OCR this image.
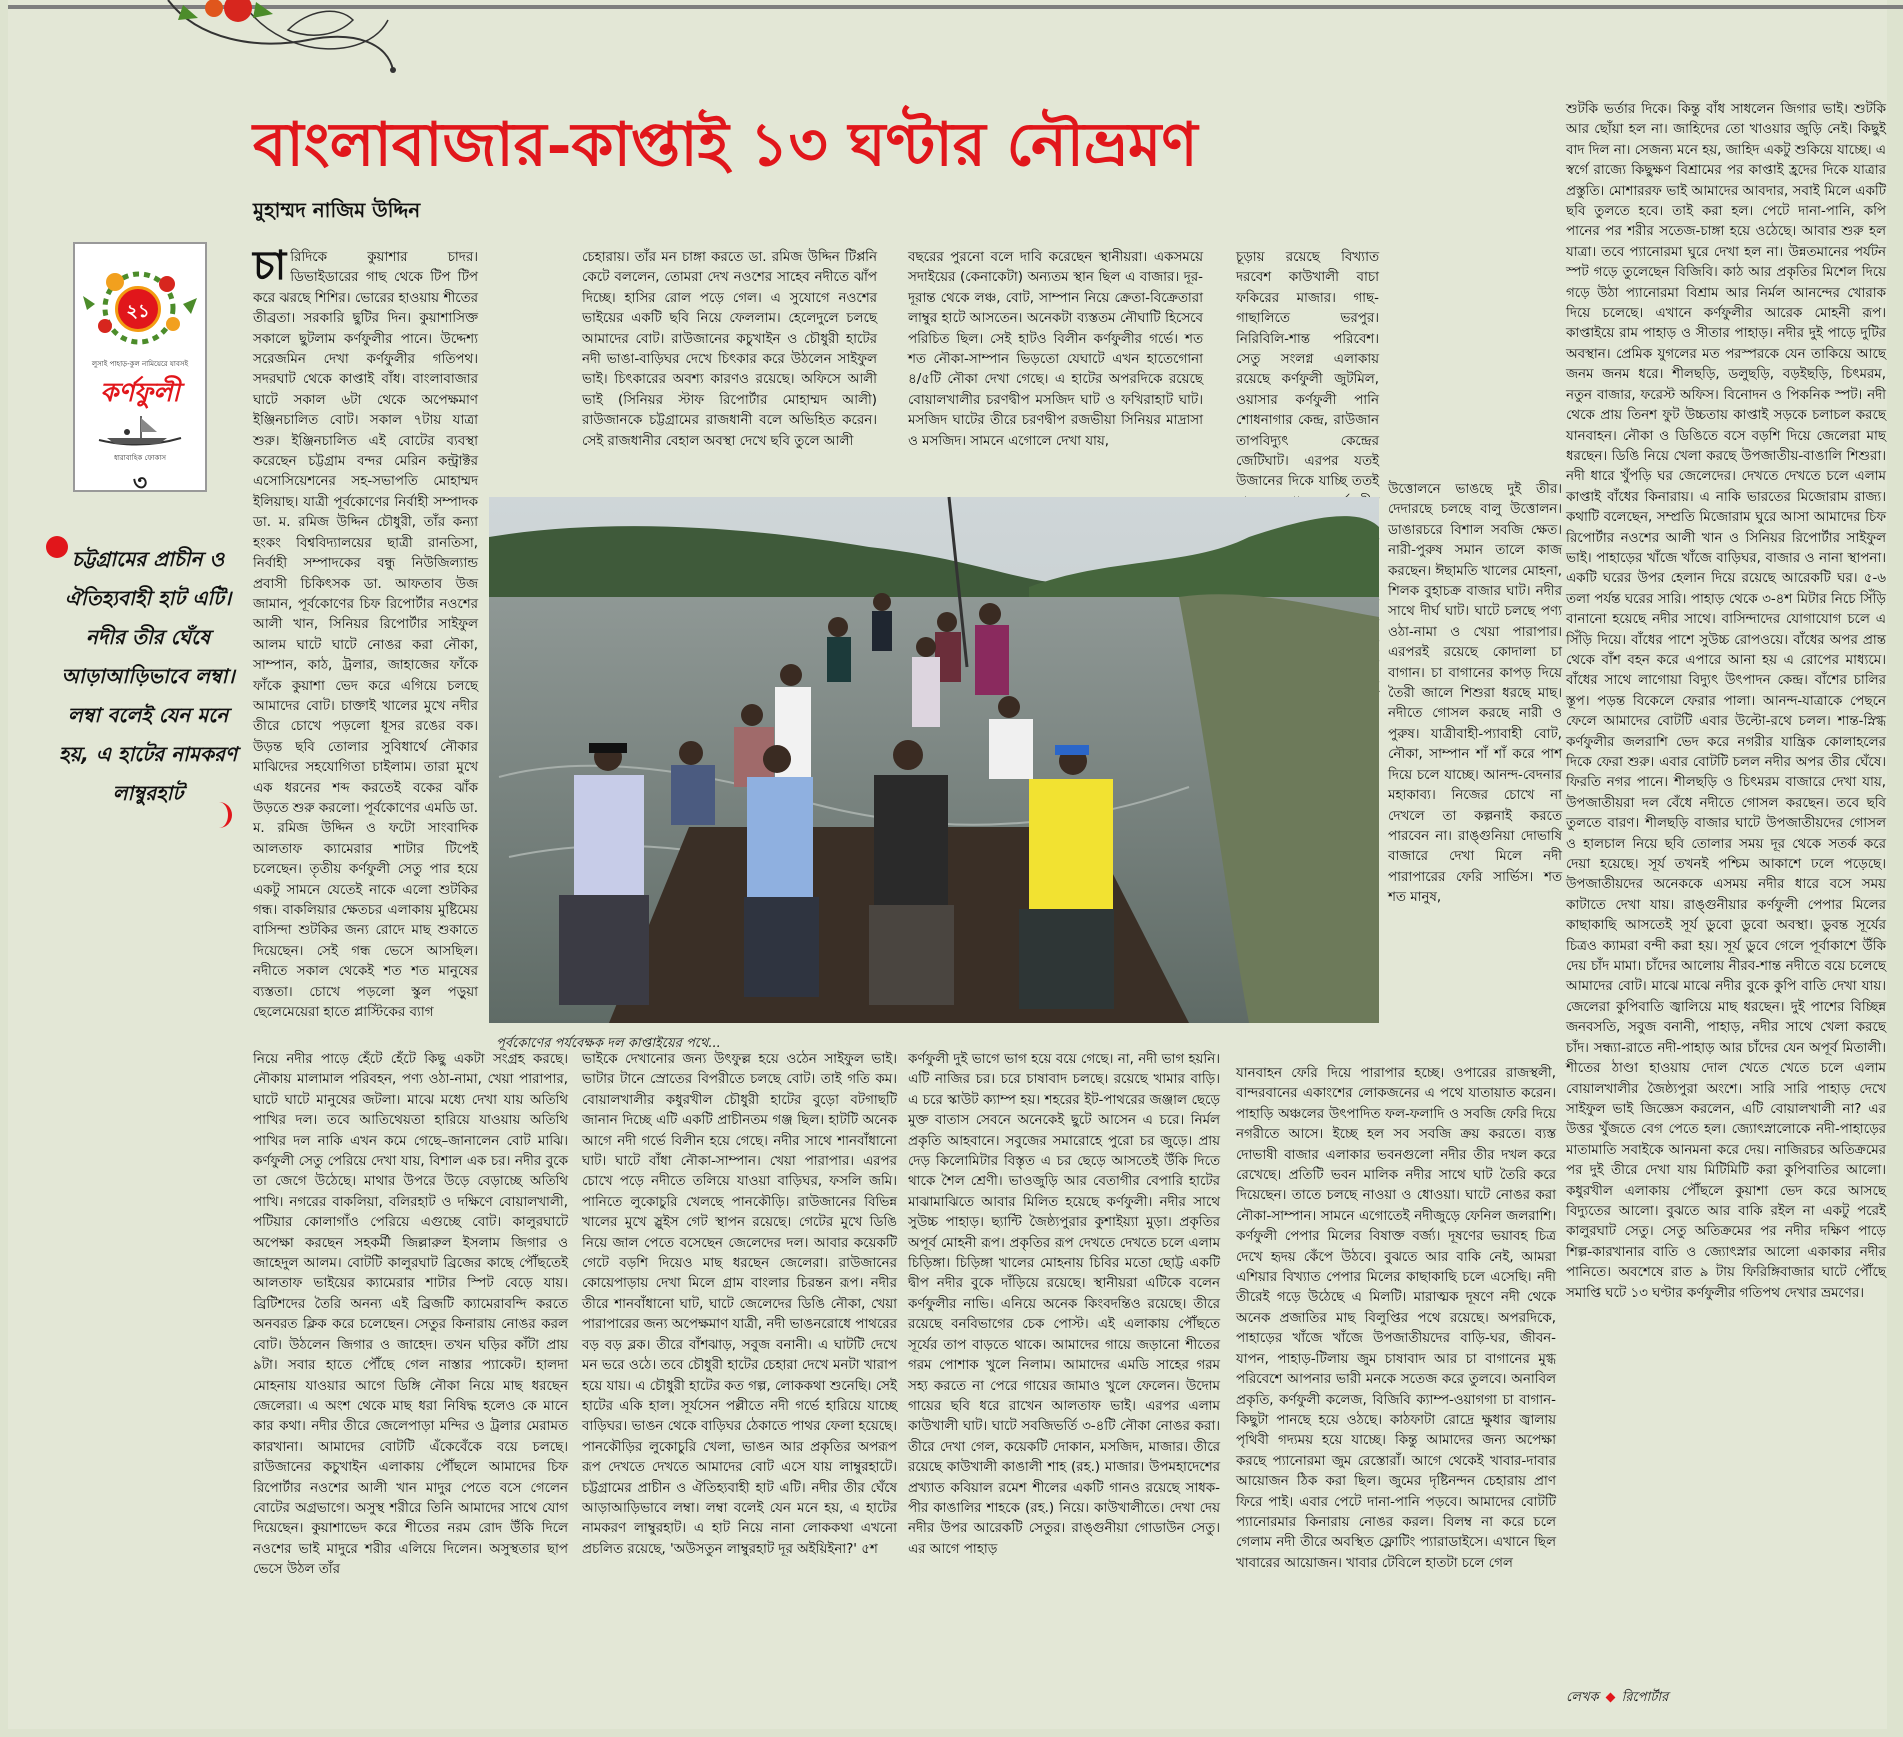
বাংলাবাজার-কাপ্তাই ১৩ ঘণ্টার নৌভ্রমণ
মুহাম্মদ নাজিম উদ্দিন
২১
লুসাই পাহাড়-কুল নামিয়েরে যাবসই
কর্ণফুলী
ধারাবাহিক ফোকাস
৩

চট্টগ্রামের প্রাচীন ও ঐতিহ্যবাহী হাট এটি। নদীর তীর ঘেঁষে আড়াআড়িভাবে লম্বা। লম্বা বলেই যেন মনে হয়, এ হাটের নামকরণ লাম্বুরহাট

চারিদিকে কুয়াশার চাদর। ডিভাইডারের গাছ থেকে টিপ টিপ করে ঝরছে শিশির। ভোরের হাওয়ায় শীতের তীব্রতা। সরকারি ছুটির দিন। কুয়াশাসিক্ত সকালে ছুটলাম কর্ণফুলীর পানে। উদ্দেশ্য সরেজমিন দেখা কর্ণফুলীর গতিপথ। সদরঘাট থেকে কাপ্তাই বাঁধ। বাংলাবাজার ঘাটে সকাল ৬টা থেকে অপেক্ষমাণ ইঞ্জিনচালিত বোট। সকাল ৭টায় যাত্রা শুরু। ইঞ্জিনচালিত এই বোটের ব্যবস্থা করেছেন চট্টগ্রাম বন্দর মেরিন কন্ট্রাক্টর এসোসিয়েশনের সহ-সভাপতি মোহাম্মদ ইলিয়াছ। যাত্রী পূর্বকোণের নির্বাহী সম্পাদক ডা. ম. রমিজ উদ্দিন চৌধুরী, তাঁর কন্যা হংকং বিশ্ববিদ্যালয়ের ছাত্রী রানতিসা, নির্বাহী সম্পাদকের বন্ধু নিউজিল্যান্ড প্রবাসী চিকিৎসক ডা. আফতাব উজ জামান, পূর্বকোণের চিফ রিপোর্টার নওশের আলী খান, সিনিয়র রিপোর্টার সাইফুল আলম ঘাটে ঘাটে নোঙর করা নৌকা, সাম্পান, কাঠ, ট্রলার, জাহাজের ফাঁকে ফাঁকে কুয়াশা ভেদ করে এগিয়ে চলছে আমাদের বোট। চাক্তাই খালের মুখে নদীর তীরে চোখে পড়লো ধূসর রঙের বক। উড়ন্ত ছবি তোলার সুবিধার্থে নৌকার মাঝিদের সহযোগিতা চাইলাম। তারা মুখে এক ধরনের শব্দ করতেই বকের ঝাঁক উড়তে শুরু করলো। পূর্বকোণের এমডি ডা. ম. রমিজ উদ্দিন ও ফটো সাংবাদিক আলতাফ ক্যামেরার শাটার টিপেই চলেছেন। তৃতীয় কর্ণফুলী সেতু পার হয়ে একটু সামনে যেতেই নাকে এলো শুটকির গন্ধ। বাকলিয়ার ক্ষেতচর এলাকায় মুষ্টিমেয় বাসিন্দা শুটকির জন্য রোদে মাছ শুকাতে দিয়েছেন। সেই গন্ধ ভেসে আসছিল। নদীতে সকাল থেকেই শত শত মানুষের ব্যস্ততা। চোখে পড়লো স্কুল পড়ুয়া ছেলেমেয়েরা হাতে প্লাস্টিকের ব্যাগ

চেহারায়। তাঁর মন চাঙ্গা করতে ডা. রমিজ উদ্দিন টিপ্পনি কেটে বললেন, তোমরা দেখ নওশের সাহেব নদীতে ঝাঁপ দিচ্ছে। হাসির রোল পড়ে গেল। এ সুযোগে নওশের ভাইয়ের একটি ছবি নিয়ে ফেললাম। হেলেদুলে চলছে আমাদের বোট। রাউজানের কচুখাইন ও চৌধুরী হাটের নদী ভাঙা-বাড়িঘর দেখে চিৎকার করে উঠলেন সাইফুল ভাই। চিৎকারের অবশ্য কারণও রয়েছে। অফিসে আলী ভাই (সিনিয়র স্টাফ রিপোর্টার মোহাম্মদ আলী) রাউজানকে চট্টগ্রামের রাজধানী বলে অভিহিত করেন। সেই রাজধানীর বেহাল অবস্থা দেখে ছবি তুলে আলী

বছরের পুরনো বলে দাবি করেছেন স্থানীয়রা। একসময়ে সদাইয়ের (কেনাকেটা) অন্যতম স্থান ছিল এ বাজার। দূর-দূরান্ত থেকে লঞ্চ, বোট, সাম্পান নিয়ে ক্রেতা-বিক্রেতারা লাম্বুর হাটে আসতেন। অনেকটা ব্যস্ততম নৌঘাটি হিসেবে পরিচিত ছিল। সেই হাটও বিলীন কর্ণফুলীর গর্ভে। শত শত নৌকা-সাম্পান ভিড়তো যেঘাটে এখন হাতেগোনা ৪/৫টি নৌকা দেখা গেছে। এ হাটের অপরদিকে রয়েছে বোয়ালখালীর চরণদ্বীপ মসজিদ ঘাট ও ফখিরাহাট ঘাট। মসজিদ ঘাটের তীরে চরণদ্বীপ রজভীয়া সিনিয়র মাদ্রাসা ও মসজিদ। সামনে এগোলে দেখা যায়,

চূড়ায় রয়েছে বিখ্যাত দরবেশ কাউখালী বাচা ফকিরের মাজার। গাছ-গাছালিতে ভরপুর। নিরিবিলি-শান্ত পরিবেশ। সেতু সংলগ্ন এলাকায় রয়েছে কর্ণফুলী জুটমিল, ওয়াসার কর্ণফুলী পানি শোধনাগার কেন্দ্র, রাউজান তাপবিদ্যুৎ কেন্দ্রের জেটিঘাট। এরপর যতই উজানের দিকে যাচ্ছি ততই

উত্তোলনে ভাঙছে দুই তীর। দেদারছে চলছে বালু উত্তোলন। ডাঙারচরে বিশাল সবজি ক্ষেত। নারী-পুরুষ সমান তালে কাজ করছেন। ঈছামতি খালের মোহনা, শিলক বুহাচক্র বাজার ঘাট। নদীর সাথে দীর্ঘ ঘাট। ঘাটে চলছে পণ্য ওঠা-নামা ও খেয়া পারাপার। এরপরই রয়েছে কোদালা চা বাগান। চা বাগানের কাপড় দিয়ে তৈরী জালে শিশুরা ধরছে মাছ। নদীতে গোসল করছে নারী ও পুরুষ। যাত্রীবাহী-প্যাবাহী বোট, নৌকা, সাম্পান শাঁ শাঁ করে পাশ দিয়ে চলে যাচ্ছে। আনন্দ-বেদনার মহাকাব্য। নিজের চোখে না দেখলে তা কল্পনাই করতে পারবেন না। রাঙ্গুনিয়া দোভাষি বাজারে দেখা মিলে নদী পারাপারের ফেরি সার্ভিস। শত শত মানুষ,

পূর্বকোণের পর্যবেক্ষক দল কাপ্তাইয়ের পথে...

নিয়ে নদীর পাড়ে হেঁটে হেঁটে কিছু একটা সংগ্রহ করছে। নৌকায় মালামাল পরিবহন, পণ্য ওঠা-নামা, খেয়া পারাপার, ঘাটে ঘাটে মানুষের জটলা। মাঝে মধ্যে দেখা যায় অতিথি পাখির দল। তবে আতিথেয়তা হারিয়ে যাওয়ায় অতিথি পাখির দল নাকি এখন কমে গেছে–জানালেন বোট মাঝি। কর্ণফুলী সেতু পেরিয়ে দেখা যায়, বিশাল এক চর। নদীর বুকে তা জেগে উঠেছে। মাথার উপরে উড়ে বেড়াচ্ছে অতিথি পাখি। নগরের বাকলিয়া, বলিরহাট ও দক্ষিণে বোয়ালখালী, পটিয়ার কোলাগাঁও পেরিয়ে এগুচ্ছে বোট। কালুরঘাটে অপেক্ষা করছেন সহকর্মী জিল্লারুল ইসলাম জিগার ও জাহেদুল আলম। বোটটি কালুরঘাট ব্রিজের কাছে পৌঁছতেই আলতাফ ভাইয়ের ক্যামেরার শাটার স্পিট বেড়ে যায়। ব্রিটিশদের তৈরি অনন্য এই ব্রিজটি ক্যামেরাবন্দি করতে অনবরত ক্লিক করে চলেছেন। সেতুর কিনারায় নোঙর করল বোট। উঠলেন জিগার ও জাহেদ। তখন ঘড়ির কাঁটা প্রায় ৯টা। সবার হাতে পৌঁছে গেল নাস্তার প্যাকেট। হালদা মোহনায় যাওয়ার আগে ডিঙ্গি নৌকা নিয়ে মাছ ধরছেন জেলেরা। এ অংশ থেকে মাছ ধরা নিষিদ্ধ হলেও কে মানে কার কথা। নদীর তীরে জেলেপাড়া মন্দির ও ট্রলার মেরামত কারখানা। আমাদের বোটটি এঁকেবেঁকে বয়ে চলছে। রাউজানের কচুখাইন এলাকায় পৌঁছলে আমাদের চিফ রিপোর্টার নওশের আলী খান মাদুর পেতে বসে গেলেন বোটের অগ্রভাগে। অসুস্থ শরীরে তিনি আমাদের সাথে যোগ দিয়েছেন। কুয়াশাভেদ করে শীতের নরম রোদ উঁকি দিলে নওশের ভাই মাদুরে শরীর এলিয়ে দিলেন। অসুস্থতার ছাপ ভেসে উঠল তাঁর

ভাইকে দেখানোর জন্য উৎফুল্ল হয়ে ওঠেন সাইফুল ভাই। ভাটার টানে স্রোতের বিপরীতে চলছে বোট। তাই গতি কম। বোয়ালখালীর কধুরখীল চৌধুরী হাটের বুড়ো বটগাছটি জানান দিচ্ছে এটি একটি প্রাচীনতম গঞ্জ ছিল। হাটটি অনেক আগে নদী গর্ভে বিলীন হয়ে গেছে। নদীর সাথে শানবাঁধানো ঘাট। ঘাটে বাঁধা নৌকা-সাম্পান। খেয়া পারাপার। এরপর চোখে পড়ে নদীতে তলিয়ে যাওয়া বাড়িঘর, ফসলি জমি। পানিতে লুকোচুরি খেলছে পানকৌড়ি। রাউজানের বিভিন্ন খালের মুখে স্লুইস গেট স্থাপন রয়েছে। গেটের মুখে ডিঙি নিয়ে জাল পেতে বসেছেন জেলেদের দল। আবার কয়েকটি গেটে বড়শি দিয়েও মাছ ধরছেন জেলেরা। রাউজানের কোয়েপাড়ায় দেখা মিলে গ্রাম বাংলার চিরন্তন রূপ। নদীর তীরে শানবাঁধানো ঘাট, ঘাটে জেলেদের ডিঙি নৌকা, খেয়া পারাপারের জন্য অপেক্ষমাণ যাত্রী, নদী ভাঙনরোধে পাথরের বড় বড় ব্লক। তীরে বাঁশঝাড়, সবুজ বনানী। এ ঘাটটি দেখে মন ভরে ওঠে। তবে চৌধুরী হাটের চেহারা দেখে মনটা খারাপ হয়ে যায়। এ চৌধুরী হাটের কত গল্প, লোককথা শুনেছি। সেই হাটের একি হাল। সূর্যসেন পল্লীতে নদী গর্ভে হারিয়ে যাচ্ছে বাড়িঘর। ভাঙন থেকে বাড়িঘর ঠেকাতে পাথর ফেলা হয়েছে। পানকৌড়ির লুকোচুরি খেলা, ভাঙন আর প্রকৃতির অপরূপ রূপ দেখতে দেখতে আমাদের বোট এসে যায় লাম্বুরহাটে। চট্টগ্রামের প্রাচীন ও ঐতিহ্যবাহী হাট এটি। নদীর তীর ঘেঁষে আড়াআড়িভাবে লম্বা। লম্বা বলেই যেন মনে হয়, এ হাটের নামকরণ লাম্বুরহাট। এ হাট নিয়ে নানা লোককথা এখনো প্রচলিত রয়েছে, 'অউসতুন লাম্বুরহাট দূর অইয়িইনা?' ৫শ

কর্ণফুলী দুই ভাগে ভাগ হয়ে বয়ে গেছে। না, নদী ভাগ হয়নি। এটি নাজির চর। চরে চাষাবাদ চলছে। রয়েছে খামার বাড়ি। এ চরে স্কাউট ক্যাম্প হয়। শহরের ইট-পাথরের জঞ্জাল ছেড়ে মুক্ত বাতাস সেবনে অনেকেই ছুটে আসেন এ চরে। নির্মল প্রকৃতি আহবানে। সবুজের সমারোহে পুরো চর জুড়ে। প্রায় দেড় কিলোমিটার বিস্তৃত এ চর ছেড়ে আসতেই উঁকি দিতে থাকে শৈল শ্রেণী। ভাওজুড়ি আর বেতাগীর বেপারি হাটের মাঝামাঝিতে আবার মিলিত হয়েছে কর্ণফুলী। নদীর সাথে সুউচ্চ পাহাড়। ছ্যান্টি জৈষ্ঠ্যপুরার কুশাইয়্যা মুড়া। প্রকৃতির অপূর্ব মোহনী রূপ। প্রকৃতির রূপ দেখতে দেখতে চলে এলাম চিড়িঙ্গা। চিড়িঙ্গা খালের মোহনায় চিবির মতো ছোট্ট একটি দ্বীপ নদীর বুকে দাঁড়িয়ে রয়েছে। স্থানীয়রা এটিকে বলেন কর্ণফুলীর নাভি। এনিয়ে অনেক কিংবদন্তিও রয়েছে। তীরে রয়েছে বনবিভাগের চেক পোস্ট। এই এলাকায় পৌঁছতে সূর্যের তাপ বাড়তে থাকে। আমাদের গায়ে জড়ানো শীতের গরম পোশাক খুলে নিলাম। আমাদের এমডি সাহের গরম সহ্য করতে না পেরে গায়ের জামাও খুলে ফেলেন। উদোম গায়ের ছবি ধরে রাখেন আলতাফ ভাই। এরপর এলাম কাউখালী ঘাট। ঘাটে সবজিভর্তি ৩-৪টি নৌকা নোঙর করা। তীরে দেখা গেল, কয়েকটি দোকান, মসজিদ, মাজার। তীরে রয়েছে কাউখালী কাঙালী শাহ (রহ.) মাজার। উপমহাদেশের প্রখ্যাত কবিয়াল রমেশ শীলের একটি গানও রয়েছে সাধক-পীর কাঙালির শাহকে (রহ.) নিয়ে। কাউখালীতে। দেখা দেয় নদীর উপর আরেকটি সেতুর। রাঙ্গুনীয়া গোডাউন সেতু। এর আগে পাহাড়

যানবাহন ফেরি দিয়ে পারাপার হচ্ছে। ওপারের রাজস্থলী, বান্দরবানের একাংশের লোকজনের এ পথে যাতায়াত করেন। পাহাড়ি অঞ্চলের উৎপাদিত ফল-ফলাদি ও সবজি ফেরি দিয়ে নগরীতে আসে। ইচ্ছে হল সব সবজি ক্রয় করতে। ব্যস্ত দোভাষী বাজার এলাকার ভবনগুলো নদীর তীর দখল করে রেখেছে। প্রতিটি ভবন মালিক নদীর সাথে ঘাট তৈরি করে দিয়েছেন। তাতে চলছে নাওয়া ও ধোওয়া। ঘাটে নোঙর করা নৌকা-সাম্পান। সামনে এগোতেই নদীজুড়ে ফেনিল জলরাশি। কর্ণফুলী পেপার মিলের বিষাক্ত বর্জ্য। দূষণের ভয়াবহ চিত্র দেখে হৃদয় কেঁপে উঠবে। বুঝতে আর বাকি নেই, আমরা এশিয়ার বিখ্যাত পেপার মিলের কাছাকাছি চলে এসেছি। নদী তীরেই গড়ে উঠেছে এ মিলটি। মারাত্মক দূষণে নদী থেকে অনেক প্রজাতির মাছ বিলুপ্তির পথে রয়েছে। অপরদিকে, পাহাড়ের খাঁজে খাঁজে উপজাতীয়দের বাড়ি-ঘর, জীবন-যাপন, পাহাড়-টিলায় জুম চাষাবাদ আর চা বাগানের মুগ্ধ পরিবেশে আপনার ভারী মনকে সতেজ করে তুলবে। অনাবিল প্রকৃতি, কর্ণফুলী কলেজ, বিজিবি ক্যাম্প-ওয়াগগা চা বাগান-কিছুটা পানছে হয়ে ওঠছে। কাঠফাটা রোদ্রে ক্ষুধার জ্বালায় পৃথিবী গদ্যময় হয়ে যাচ্ছে। কিন্তু আমাদের জন্য অপেক্ষা করছে প্যানোরমা জুম রেস্তোরাঁ। আগে থেকেই খাবার-দাবার আয়োজন ঠিক করা ছিল। জুমের দৃষ্টিনন্দন চেহারায় প্রাণ ফিরে পাই। এবার পেটে দানা-পানি পড়বে। আমাদের বোটটি প্যানোরমার কিনারায় নোঙর করল। বিলম্ব না করে চলে গেলাম নদী তীরে অবস্থিত ফ্লোটিং প্যারাডাইসে। এখানে ছিল খাবারের আয়োজন। খাবার টেবিলে হাতটা চলে গেল

শুটকি ভর্তার দিকে। কিন্তু বাঁধ সাধলেন জিগার ভাই। শুটকি আর ছোঁয়া হল না। জাহিদের তো খাওয়ার জুড়ি নেই। কিছুই বাদ দিল না। সেজন্য মনে হয়, জাহিদ একটু শুকিয়ে যাচ্ছে। এ স্বর্গে রাজ্যে কিছুক্ষণ বিশ্রামের পর কাপ্তাই হ্রদের দিকে যাত্রার প্রস্তুতি। মোশাররফ ভাই আমাদের আবদার, সবাই মিলে একটি ছবি তুলতে হবে। তাই করা হল। পেটে দানা-পানি, কপি পানের পর শরীর সতেজ-চাঙ্গা হয়ে ওঠেছে। আবার শুরু হল যাত্রা। তবে প্যানোরমা ঘুরে দেখা হল না। উন্নতমানের পর্যটন স্পট গড়ে তুলেছেন বিজিবি। কাঠ আর প্রকৃতির মিশেল দিয়ে গড়ে উঠা প্যানোরমা বিশ্রাম আর নির্মল আনন্দের খোরাক দিয়ে চলেছে। এখানে কর্ণফুলীর আরেক মোহনী রূপ। কাপ্তাইয়ে রাম পাহাড় ও সীতার পাহাড়। নদীর দুই পাড়ে দুটির অবস্থান। প্রেমিক যুগলের মত পরস্পরকে যেন তাকিয়ে আছে জনম জনম ধরে। শীলছড়ি, ডলুছড়ি, বড়ইছড়ি, চিৎমরম, নতুন বাজার, ফরেস্ট অফিস। বিনোদন ও পিকনিক স্পট। নদী থেকে প্রায় তিনশ ফুট উচ্চতায় কাপ্তাই সড়কে চলাচল করছে যানবাহন। নৌকা ও ডিঙিতে বসে বড়শি দিয়ে জেলেরা মাছ ধরছেন। ডিঙি নিয়ে খেলা করছে উপজাতীয়-বাঙালি শিশুরা। নদী ধারে খুঁপড়ি ঘর জেলেদের। দেখতে দেখতে চলে এলাম কাপ্তাই বাঁধের কিনারায়। এ নাকি ভারতের মিজোরাম রাজ্য। কথাটি বলেছেন, সম্প্রতি মিজোরাম ঘুরে আসা আমাদের চিফ রিপোর্টার নওশের আলী খান ও সিনিয়র রিপোর্টার সাইফুল ভাই। পাহাড়ের খাঁজে খাঁজে বাড়িঘর, বাজার ও নানা স্থাপনা। একটি ঘরের উপর হেলান দিয়ে রয়েছে আরেকটি ঘর। ৫-৬ তলা পর্যন্ত ঘরের সারি। পাহাড় থেকে ৩-৪শ মিটার নিচে সিঁড়ি বানানো হয়েছে নদীর সাথে। বাসিন্দাদের যোগাযোগ চলে এ সিঁড়ি দিয়ে। বাঁধের পাশে সুউচ্চ রোপওয়ে। বাঁধের অপর প্রান্ত থেকে বাঁশ বহন করে এপারে আনা হয় এ রোপের মাধ্যমে। বাঁধের সাথে লাগোয়া বিদ্যুৎ উৎপাদন কেন্দ্র। বাঁশের চালির স্তূপ। পড়ন্ত বিকেলে ফেরার পালা। আনন্দ-যাত্রাকে পেছনে ফেলে আমাদের বোটটি এবার উল্টো-রথে চলল। শান্ত-স্নিগ্ধ কর্ণফুলীর জলরাশি ভেদ করে নগরীর যান্ত্রিক কোলাহলের দিকে ফেরা শুরু। এবার বোটটি চলল নদীর অপর তীর ঘেঁষে। ফিরতি নগর পানে। শীলছড়ি ও চিৎমরম বাজারে দেখা যায়, উপজাতীয়রা দল বেঁধে নদীতে গোসল করছেন। তবে ছবি তুলতে বারণ। শীলছড়ি বাজার ঘাটে উপজাতীয়দের গোসল ও হালচাল নিয়ে ছবি তোলার সময় দূর থেকে সতর্ক করে দেয়া হয়েছে। সূর্য তখনই পশ্চিম আকাশে ঢলে পড়েছে। উপজাতীয়দের অনেককে এসময় নদীর ধারে বসে সময় কাটাতে দেখা যায়। রাঙ্গুনীয়ার কর্ণফুলী পেপার মিলের কাছাকাছি আসতেই সূর্য ডুবো ডুবো অবস্থা। ডুবন্ত সূর্যের চিত্রও ক্যামরা বন্দী করা হয়। সূর্য ডুবে গেলে পূর্বাকাশে উঁকি দেয় চাঁদ মামা। চাঁদের আলোয় নীরব-শান্ত নদীতে বয়ে চলেছে আমাদের বোট। মাঝে মাঝে নদীর বুকে কুপি বাতি দেখা যায়। জেলেরা কুপিবাতি জ্বালিয়ে মাছ ধরছেন। দুই পাশের বিচ্ছিন্ন জনবসতি, সবুজ বনানী, পাহাড়, নদীর সাথে খেলা করছে চাঁদ। সন্ধ্যা-রাতে নদী-পাহাড় আর চাঁদের যেন অপূর্ব মিতালী। শীতের ঠাণ্ডা হাওয়ায় দোল খেতে খেতে চলে এলাম বোয়ালখালীর জৈষ্ঠ্যপুরা অংশে। সারি সারি পাহাড় দেখে সাইফুল ভাই জিজ্ঞেস করলেন, এটি বোয়ালখালী না? এর উত্তর খুঁজতে বেগ পেতে হল। জ্যোৎস্নালোকে নদী-পাহাড়ের মাতামাতি সবাইকে আনমনা করে দেয়। নাজিরচর অতিক্রমের পর দুই তীরে দেখা যায় মিটিমিটি করা কুপিবাতির আলো। কধুরখীল এলাকায় পৌঁছলে কুয়াশা ভেদ করে আসছে বিদ্যুতের আলো। বুঝতে আর বাকি রইল না একটু পরেই কালুরঘাট সেতু। সেতু অতিক্রমের পর নদীর দক্ষিণ পাড়ে শিল্প-কারখানার বাতি ও জ্যোৎস্নার আলো একাকার নদীর পানিতে। অবশেষে রাত ৯ টায় ফিরিঙ্গিবাজার ঘাটে পৌঁছে সমাপ্তি ঘটে ১৩ ঘণ্টার কর্ণফুলীর গতিপথ দেখার ভ্রমণের।

লেখক রিপোর্টার
